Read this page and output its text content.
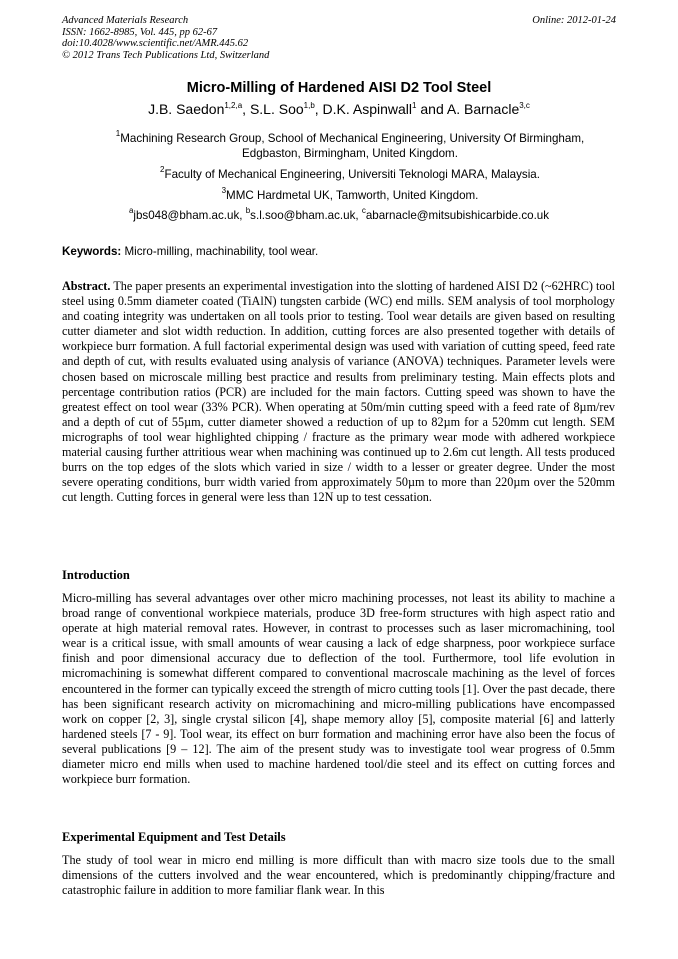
Advanced Materials Research
ISSN: 1662-8985, Vol. 445, pp 62-67
doi:10.4028/www.scientific.net/AMR.445.62
© 2012 Trans Tech Publications Ltd, Switzerland
Online: 2012-01-24
Micro-Milling of Hardened AISI D2 Tool Steel
J.B. Saedon$^{1,2,a}$, S.L. Soo$^{1,b}$, D.K. Aspinwall$^1$ and A. Barnacle$^{3,c}$
$^1$Machining Research Group, School of Mechanical Engineering, University Of Birmingham, Edgbaston, Birmingham, United Kingdom.
$^2$Faculty of Mechanical Engineering, Universiti Teknologi MARA, Malaysia.
$^3$MMC Hardmetal UK, Tamworth, United Kingdom.
$^a$jbs048@bham.ac.uk, $^b$s.l.soo@bham.ac.uk, $^c$abarnacle@mitsubishicarbide.co.uk
Keywords: Micro-milling, machinability, tool wear.
Abstract. The paper presents an experimental investigation into the slotting of hardened AISI D2 (~62HRC) tool steel using 0.5mm diameter coated (TiAlN) tungsten carbide (WC) end mills. SEM analysis of tool morphology and coating integrity was undertaken on all tools prior to testing. Tool wear details are given based on resulting cutter diameter and slot width reduction. In addition, cutting forces are also presented together with details of workpiece burr formation. A full factorial experimental design was used with variation of cutting speed, feed rate and depth of cut, with results evaluated using analysis of variance (ANOVA) techniques. Parameter levels were chosen based on microscale milling best practice and results from preliminary testing. Main effects plots and percentage contribution ratios (PCR) are included for the main factors. Cutting speed was shown to have the greatest effect on tool wear (33% PCR). When operating at 50m/min cutting speed with a feed rate of 8µm/rev and a depth of cut of 55µm, cutter diameter showed a reduction of up to 82µm for a 520mm cut length. SEM micrographs of tool wear highlighted chipping / fracture as the primary wear mode with adhered workpiece material causing further attritious wear when machining was continued up to 2.6m cut length. All tests produced burrs on the top edges of the slots which varied in size / width to a lesser or greater degree. Under the most severe operating conditions, burr width varied from approximately 50µm to more than 220µm over the 520mm cut length. Cutting forces in general were less than 12N up to test cessation.
Introduction
Micro-milling has several advantages over other micro machining processes, not least its ability to machine a broad range of conventional workpiece materials, produce 3D free-form structures with high aspect ratio and operate at high material removal rates. However, in contrast to processes such as laser micromachining, tool wear is a critical issue, with small amounts of wear causing a lack of edge sharpness, poor workpiece surface finish and poor dimensional accuracy due to deflection of the tool. Furthermore, tool life evolution in micromachining is somewhat different compared to conventional macroscale machining as the level of forces encountered in the former can typically exceed the strength of micro cutting tools [1]. Over the past decade, there has been significant research activity on micromachining and micro-milling publications have encompassed work on copper [2, 3], single crystal silicon [4], shape memory alloy [5], composite material [6] and latterly hardened steels [7 - 9]. Tool wear, its effect on burr formation and machining error have also been the focus of several publications [9 – 12]. The aim of the present study was to investigate tool wear progress of 0.5mm diameter micro end mills when used to machine hardened tool/die steel and its effect on cutting forces and workpiece burr formation.
Experimental Equipment and Test Details
The study of tool wear in micro end milling is more difficult than with macro size tools due to the small dimensions of the cutters involved and the wear encountered, which is predominantly chipping/fracture and catastrophic failure in addition to more familiar flank wear. In this
